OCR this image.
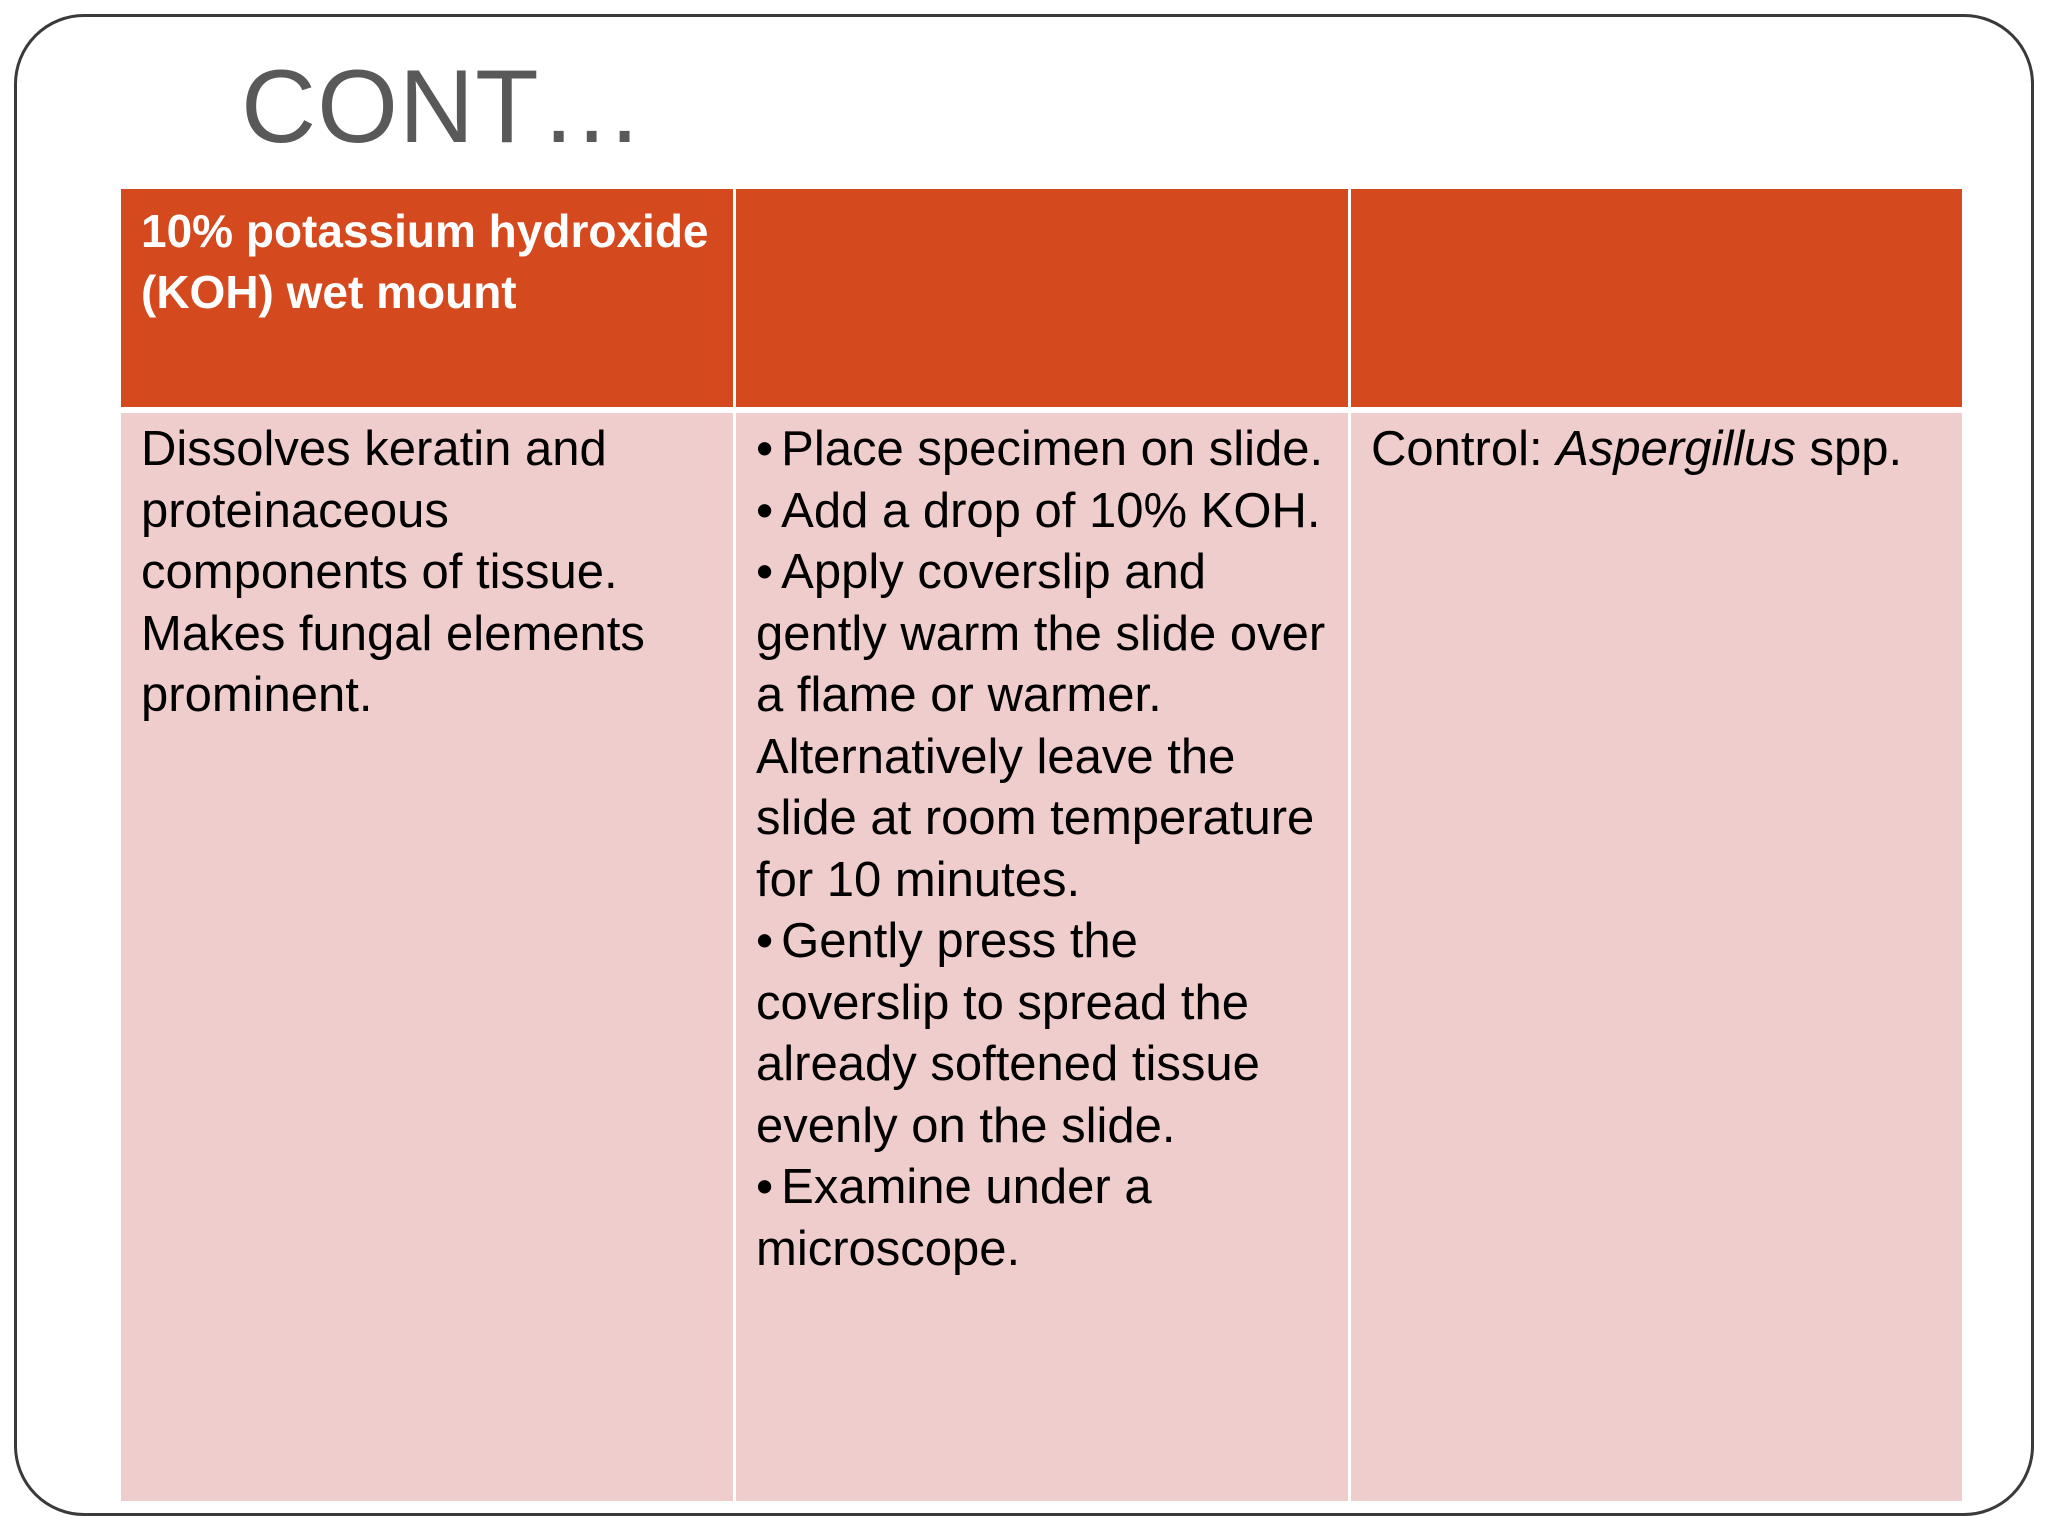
CONT…
10% potassium hydroxide (KOH) wet mount

Dissolves keratin and proteinaceous components of tissue. Makes fungal elements prominent.

• Place specimen on slide.

• Add a drop of 10% KOH.

• Apply coverslip and gently warm the slide over a flame or warmer. Alternatively leave the slide at room temperature for 10 minutes.

• Gently press the coverslip to spread the already softened tissue evenly on the slide.

• Examine under a microscope.

Control: Aspergillus spp.
